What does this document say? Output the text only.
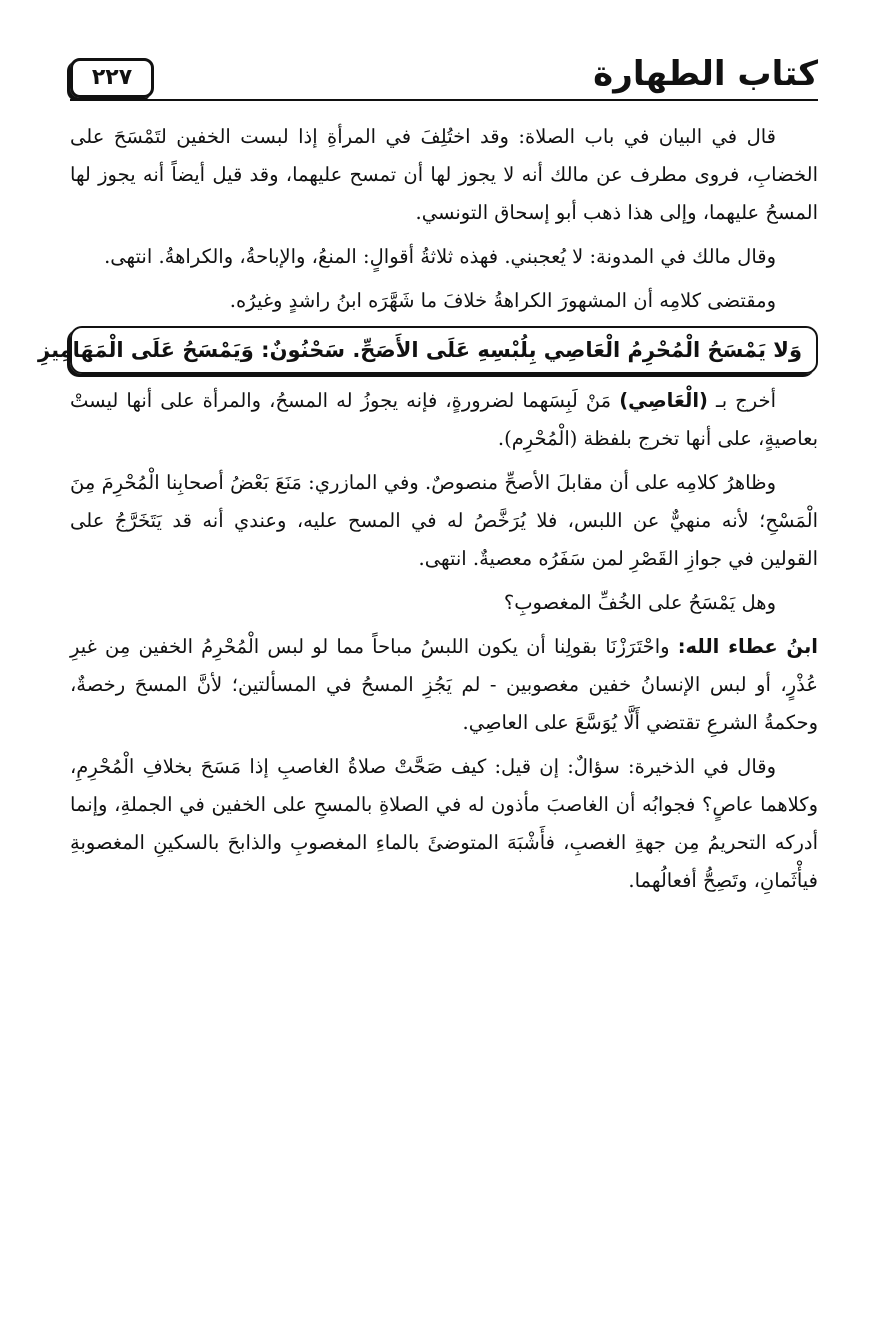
كتاب الطهارة
٢٢٧

قال في البيان في باب الصلاة: وقد اختُلِفَ في المرأةِ إذا لبست الخفين لتَمْسَحَ على الخضابِ، فروى مطرف عن مالك أنه لا يجوز لها أن تمسح عليهما، وقد قيل أيضاً أنه يجوز لها المسحُ عليهما، وإلى هذا ذهب أبو إسحاق التونسي.

وقال مالك في المدونة: لا يُعجبني. فهذه ثلاثةُ أقوالٍ: المنعُ، والإباحةُ، والكراهةُ. انتهى.

ومقتضى كلامِه أن المشهورَ الكراهةُ خلافَ ما شَهَّرَه ابنُ راشدٍ وغيرُه.

وَلا يَمْسَحُ الْمُحْرِمُ الْعَاصِي بِلُبْسِهِ عَلَى الأَصَحِّ. سَحْنُونٌ: وَيَمْسَحُ عَلَى الْمَهَامِيزِ

أخرج بـ (الْعَاصِي) مَنْ لَبِسَهما لضرورةٍ، فإنه يجوزُ له المسحُ، والمرأة على أنها ليستْ بعاصيةٍ، على أنها تخرج بلفظة (الْمُحْرِم).

وظاهرُ كلامِه على أن مقابلَ الأصحِّ منصوصٌ. وفي المازري: مَنَعَ بَعْضُ أصحابِنا الْمُحْرِمَ مِنَ الْمَسْحِ؛ لأنه منهيٌّ عن اللبس، فلا يُرَخَّصُ له في المسح عليه، وعندي أنه قد يَتَخَرَّجُ على القولين في جوازِ القَصْرِ لمن سَفَرُه معصيةٌ. انتهى.

وهل يَمْسَحُ على الخُفِّ المغصوبِ؟

ابنُ عطاء الله: واحْتَرَزْنَا بقولِنا أن يكون اللبسُ مباحاً مما لو لبس الْمُحْرِمُ الخفين مِن غيرِ عُذْرٍ، أو لبس الإنسانُ خفين مغصوبين - لم يَجُزِ المسحُ في المسألتين؛ لأنَّ المسحَ رخصةٌ، وحكمةُ الشرعِ تقتضي أَلَّا يُوَسَّعَ على العاصِي.

وقال في الذخيرة: سؤالٌ: إن قيل: كيف صَحَّتْ صلاةُ الغاصبِ إذا مَسَحَ بخلافِ الْمُحْرِمِ، وكلاهما عاصٍ؟ فجوابُه أن الغاصبَ مأذون له في الصلاةِ بالمسحِ على الخفين في الجملةِ، وإنما أدركه التحريمُ مِن جهةِ الغصبِ، فأَشْبَهَ المتوضئَ بالماءِ المغصوبِ والذابحَ بالسكينِ المغصوبةِ فيأْثَمانِ، وتَصِحُّ أفعالُهما.
